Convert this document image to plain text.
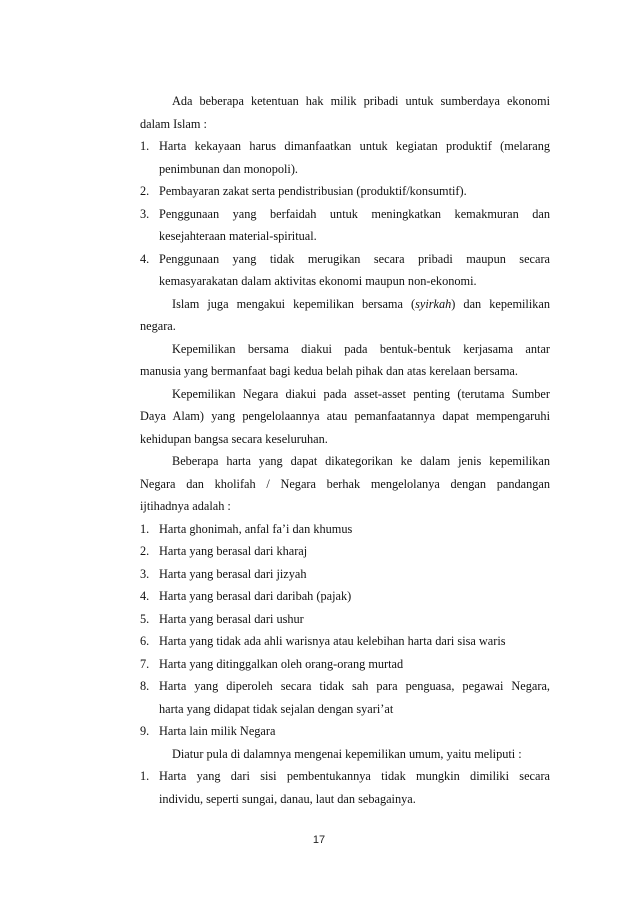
Ada beberapa ketentuan hak milik pribadi untuk sumberdaya ekonomi

dalam Islam :

1. Harta kekayaan harus dimanfaatkan untuk kegiatan produktif (melarang
penimbunan dan monopoli).
2. Pembayaran zakat serta pendistribusian (produktif/konsumtif).
3. Penggunaan yang berfaidah untuk meningkatkan kemakmuran dan
kesejahteraan material-spiritual.
4. Penggunaan yang tidak merugikan secara pribadi maupun secara
kemasyarakatan dalam aktivitas ekonomi maupun non-ekonomi.

Islam juga mengakui kepemilikan bersama (syirkah) dan kepemilikan

negara.

Kepemilikan bersama diakui pada bentuk-bentuk kerjasama antar

manusia yang bermanfaat bagi kedua belah pihak dan atas kerelaan bersama.

Kepemilikan Negara diakui pada asset-asset penting (terutama Sumber

Daya Alam) yang pengelolaannya atau pemanfaatannya dapat mempengaruhi

kehidupan bangsa secara keseluruhan.

Beberapa harta yang dapat dikategorikan ke dalam jenis kepemilikan

Negara dan kholifah / Negara berhak mengelolanya dengan pandangan

ijtihadnya adalah :

1. Harta ghonimah, anfal fa’i dan khumus
2. Harta yang berasal dari kharaj
3. Harta yang berasal dari jizyah
4. Harta yang berasal dari daribah (pajak)
5. Harta yang berasal dari ushur
6. Harta yang tidak ada ahli warisnya atau kelebihan harta dari sisa waris
7. Harta yang ditinggalkan oleh orang-orang murtad
8. Harta yang diperoleh secara tidak sah para penguasa, pegawai Negara,
harta yang didapat tidak sejalan dengan syari’at
9. Harta lain milik Negara

Diatur pula di dalamnya mengenai kepemilikan umum, yaitu meliputi :

1. Harta yang dari sisi pembentukannya tidak mungkin dimiliki secara
individu, seperti sungai, danau, laut dan sebagainya.
17
